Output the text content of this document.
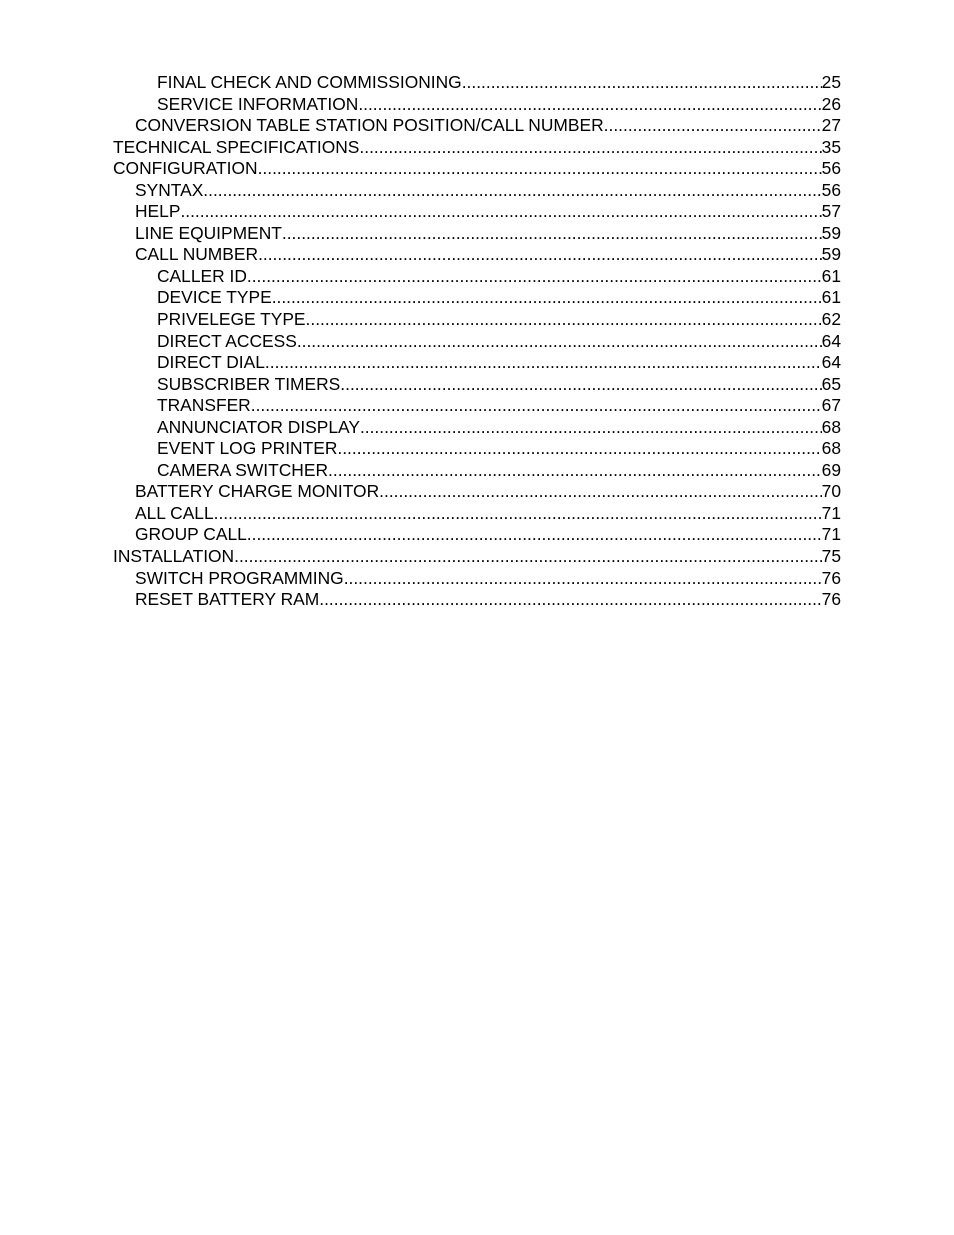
FINAL CHECK AND COMMISSIONING .....	25
SERVICE INFORMATION .....	26
CONVERSION TABLE STATION POSITION/CALL NUMBER .....	27
TECHNICAL SPECIFICATIONS .....	35
CONFIGURATION .....	56
SYNTAX .....	56
HELP .....	57
LINE EQUIPMENT .....	59
CALL NUMBER .....	59
CALLER ID .....	61
DEVICE TYPE .....	61
PRIVELEGE TYPE .....	62
DIRECT ACCESS .....	64
DIRECT DIAL .....	64
SUBSCRIBER TIMERS .....	65
TRANSFER .....	67
ANNUNCIATOR DISPLAY .....	68
EVENT LOG PRINTER .....	68
CAMERA SWITCHER .....	69
BATTERY CHARGE MONITOR .....	70
ALL CALL .....	71
GROUP CALL .....	71
INSTALLATION .....	75
SWITCH PROGRAMMING .....	76
RESET BATTERY RAM .....	76
